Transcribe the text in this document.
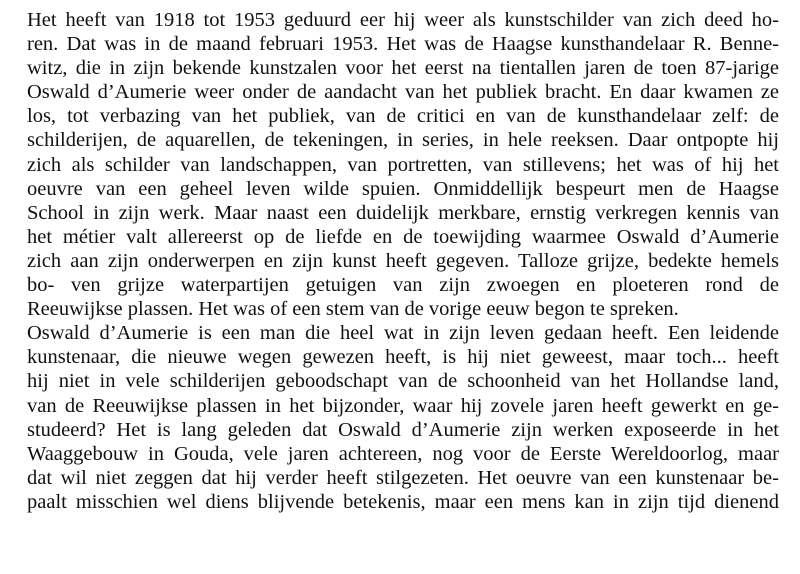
Het heeft van 1918 tot 1953 geduurd eer hij weer als kunstschilder van zich deed ho-
ren. Dat was in de maand februari 1953. Het was de Haagse kunsthandelaar R. Benne-
witz, die in zijn bekende kunstzalen voor het eerst na tientallen jaren de toen 87-jarige
Oswald d’Aumerie weer onder de aandacht van het publiek bracht. En daar kwamen ze
los, tot verbazing van het publiek, van de critici en van de kunsthandelaar zelf: de
schilderijen, de aquarellen, de tekeningen, in series, in hele reeksen. Daar ontpopte hij
zich als schilder van landschappen, van portretten, van stillevens; het was of hij het
oeuvre van een geheel leven wilde spuien. Onmiddellijk bespeurt men de Haagse
School in zijn werk. Maar naast een duidelijk merkbare, ernstig verkregen kennis van
het métier valt allereerst op de liefde en de toewijding waarmee Oswald d’Aumerie
zich aan zijn onderwerpen en zijn kunst heeft gegeven. Talloze grijze, bedekte hemels
bo- ven grijze waterpartijen getuigen van zijn zwoegen en ploeteren rond de
Reeuwijkse plassen. Het was of een stem van de vorige eeuw begon te spreken.
Oswald d’Aumerie is een man die heel wat in zijn leven gedaan heeft. Een leidende
kunstenaar, die nieuwe wegen gewezen heeft, is hij niet geweest, maar toch... heeft
hij niet in vele schilderijen geboodschapt van de schoonheid van het Hollandse land,
van de Reeuwijkse plassen in het bijzonder, waar hij zovele jaren heeft gewerkt en ge-
studeerd? Het is lang geleden dat Oswald d’Aumerie zijn werken exposeerde in het
Waaggebouw in Gouda, vele jaren achtereen, nog voor de Eerste Wereldoorlog, maar
dat wil niet zeggen dat hij verder heeft stilgezeten. Het oeuvre van een kunstenaar be-
paalt misschien wel diens blijvende betekenis, maar een mens kan in zijn tijd dienend
